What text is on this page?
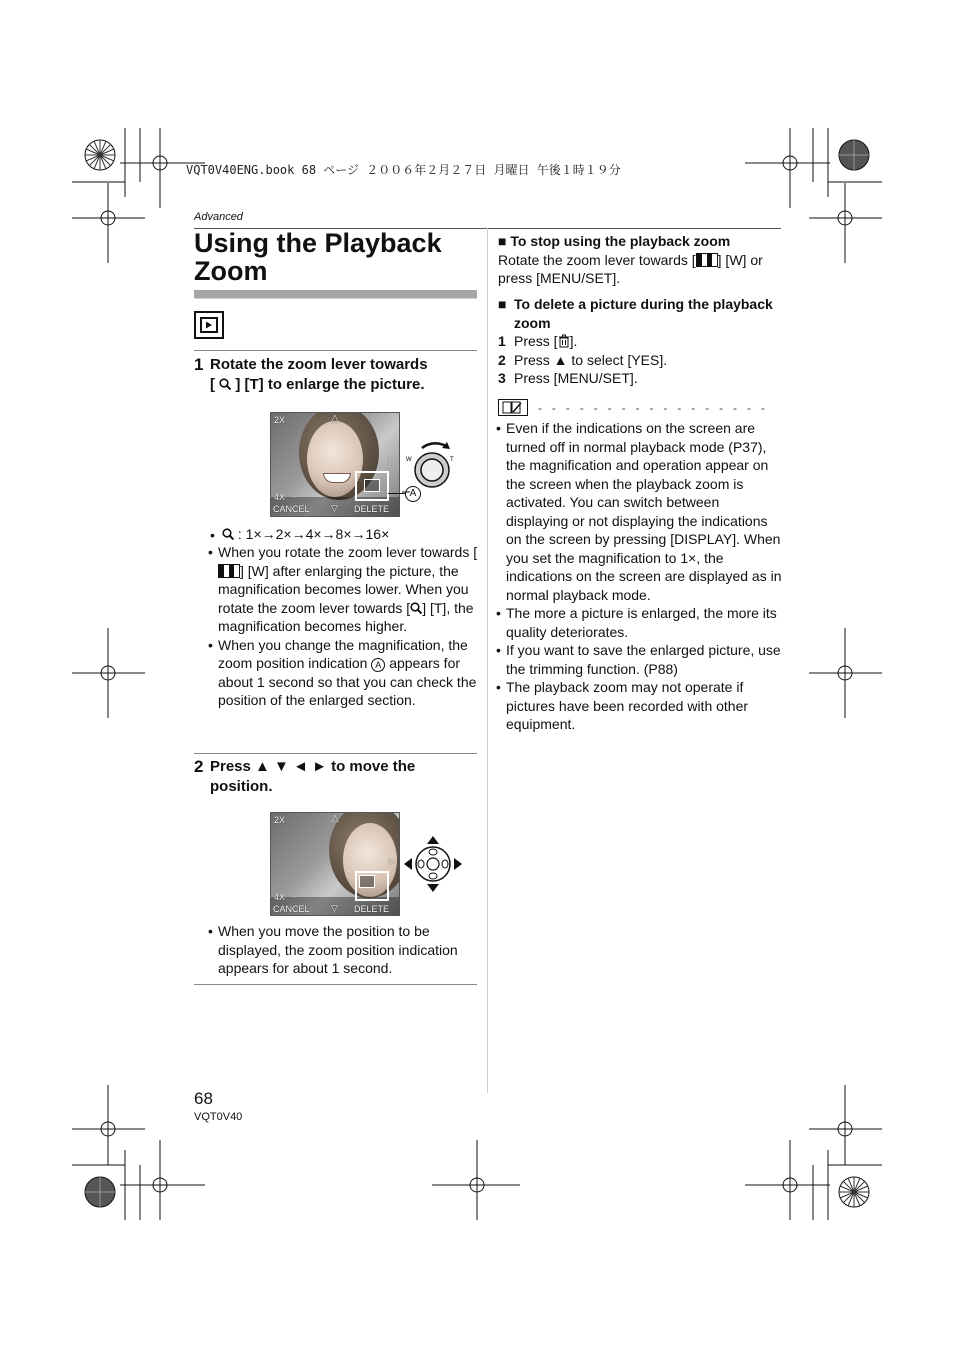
VQT0V40ENG.book 68 ページ ２００６年２月２７日 月曜日 午後１時１９分
Advanced
Using the Playback Zoom
1 Rotate the zoom lever towards
[  ] [T] to enlarge the picture.
2X	△
▷
4X ⌕
CANCEL ▽ DELETE
W	T
A
• : 1×→2×→4×→8×→16×
• When you rotate the zoom lever towards [] [W] after enlarging the picture, the magnification becomes lower. When you rotate the zoom lever towards [ ] [T], the magnification becomes higher.
• When you change the magnification, the zoom position indication A appears for about 1 second so that you can check the position of the enlarged section.
2 Press ▲ ▼ ◄ ► to move the position.
2X	△
▷
4X ⌕
CANCEL ▽ DELETE
• When you move the position to be displayed, the zoom position indication appears for about 1 second.
■ To stop using the playback zoom
Rotate the zoom lever towards [ ] [W] or press [MENU/SET].
■ To delete a picture during the playback zoom
1 Press [ ].
2 Press ▲ to select [YES].
3 Press [MENU/SET].
- - - - - - - - - - - - - - - - -
• Even if the indications on the screen are turned off in normal playback mode (P37), the magnification and operation appear on the screen when the playback zoom is activated. You can switch between displaying or not displaying the indications on the screen by pressing [DISPLAY]. When you set the magnification to 1×, the indications on the screen are displayed as in normal playback mode.
• The more a picture is enlarged, the more its quality deteriorates.
• If you want to save the enlarged picture, use the trimming function. (P88)
• The playback zoom may not operate if pictures have been recorded with other equipment.
68
VQT0V40
